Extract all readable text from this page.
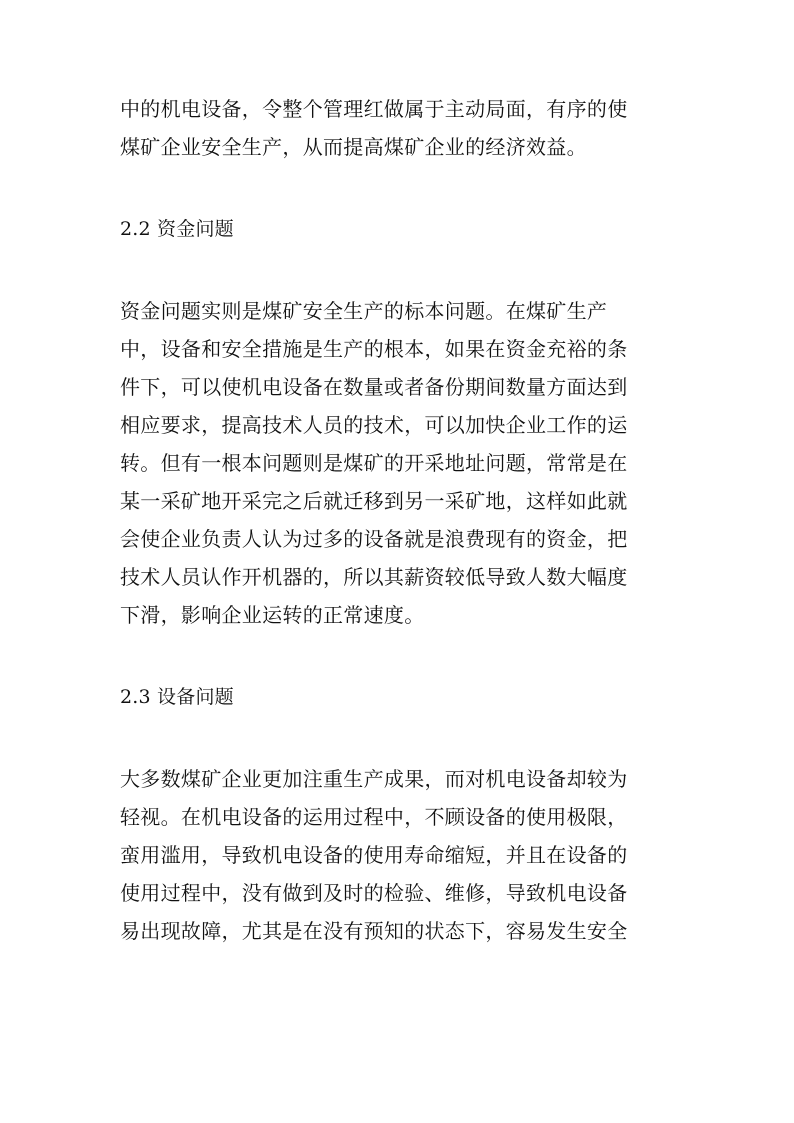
中的机电设备，令整个管理红做属于主动局面，有序的使
煤矿企业安全生产，从而提高煤矿企业的经济效益。

2.2 资金问题

资金问题实则是煤矿安全生产的标本问题。在煤矿生产
中，设备和安全措施是生产的根本，如果在资金充裕的条
件下，可以使机电设备在数量或者备份期间数量方面达到
相应要求，提高技术人员的技术，可以加快企业工作的运
转。但有一根本问题则是煤矿的开采地址问题，常常是在
某一采矿地开采完之后就迁移到另一采矿地，这样如此就
会使企业负责人认为过多的设备就是浪费现有的资金，把
技术人员认作开机器的，所以其薪资较低导致人数大幅度
下滑，影响企业运转的正常速度。

2.3 设备问题

大多数煤矿企业更加注重生产成果，而对机电设备却较为
轻视。在机电设备的运用过程中，不顾设备的使用极限，
蛮用滥用，导致机电设备的使用寿命缩短，并且在设备的
使用过程中，没有做到及时的检验、维修，导致机电设备
易出现故障，尤其是在没有预知的状态下，容易发生安全
